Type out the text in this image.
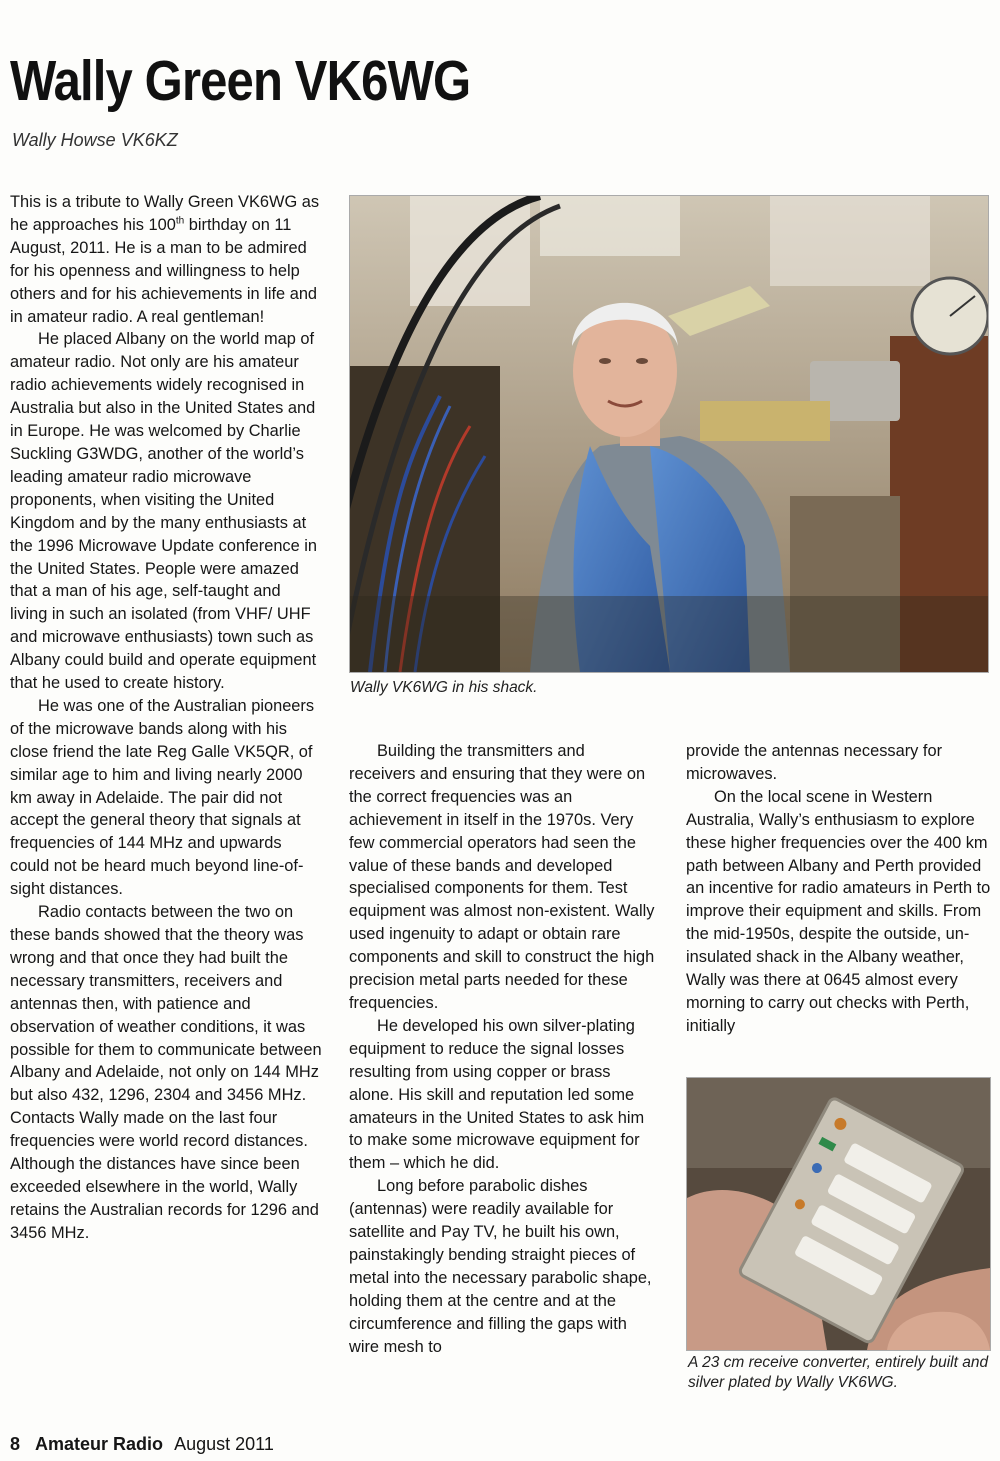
Wally Green VK6WG
Wally Howse VK6KZ

This is a tribute to Wally Green VK6WG as he approaches his 100th birthday on 11 August, 2011. He is a man to be admired for his openness and willingness to help others and for his achievements in life and in amateur radio. A real gentleman!

He placed Albany on the world map of amateur radio. Not only are his amateur radio achievements widely recognised in Australia but also in the United States and in Europe. He was welcomed by Charlie Suckling G3WDG, another of the world’s leading amateur radio microwave proponents, when visiting the United Kingdom and by the many enthusiasts at the 1996 Microwave Update conference in the United States. People were amazed that a man of his age, self-taught and living in such an isolated (from VHF/ UHF and microwave enthusiasts) town such as Albany could build and operate equipment that he used to create history.

He was one of the Australian pioneers of the microwave bands along with his close friend the late Reg Galle VK5QR, of similar age to him and living nearly 2000 km away in Adelaide. The pair did not accept the general theory that signals at frequencies of 144 MHz and upwards could not be heard much beyond line-of-sight distances.

Radio contacts between the two on these bands showed that the theory was wrong and that once they had built the necessary transmitters, receivers and antennas then, with patience and observation of weather conditions, it was possible for them to communicate between Albany and Adelaide, not only on 144 MHz but also 432, 1296, 2304 and 3456 MHz. Contacts Wally made on the last four frequencies were world record distances. Although the distances have since been exceeded elsewhere in the world, Wally retains the Australian records for 1296 and 3456 MHz.

Wally VK6WG in his shack.

Building the transmitters and receivers and ensuring that they were on the correct frequencies was an achievement in itself in the 1970s. Very few commercial operators had seen the value of these bands and developed specialised components for them. Test equipment was almost non-existent. Wally used ingenuity to adapt or obtain rare components and skill to construct the high precision metal parts needed for these frequencies.

He developed his own silver-plating equipment to reduce the signal losses resulting from using copper or brass alone. His skill and reputation led some amateurs in the United States to ask him to make some microwave equipment for them – which he did.

Long before parabolic dishes (antennas) were readily available for satellite and Pay TV, he built his own, painstakingly bending straight pieces of metal into the necessary parabolic shape, holding them at the centre and at the circumference and filling the gaps with wire mesh to

provide the antennas necessary for microwaves.

On the local scene in Western Australia, Wally’s enthusiasm to explore these higher frequencies over the 400 km path between Albany and Perth provided an incentive for radio amateurs in Perth to improve their equipment and skills. From the mid-1950s, despite the outside, un-insulated shack in the Albany weather, Wally was there at 0645 almost every morning to carry out checks with Perth, initially

A 23 cm receive converter, entirely built and silver plated by Wally VK6WG.
8 Amateur Radio August 2011
